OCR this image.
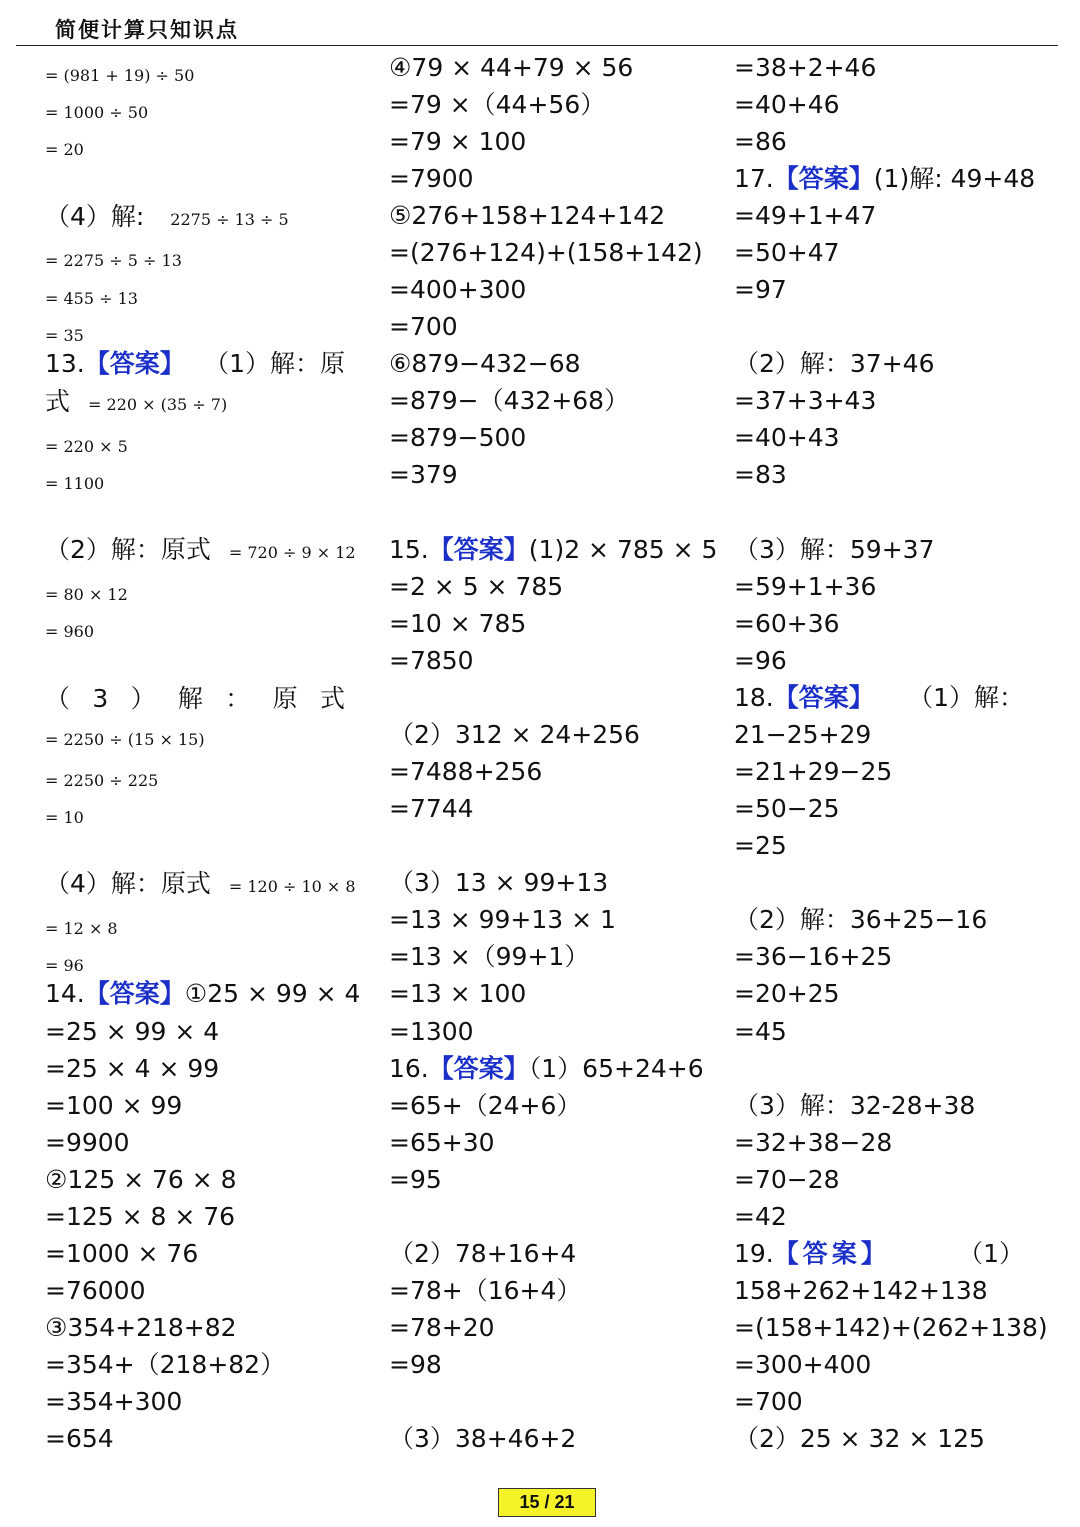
简便计算只知识点
= (981 + 19) ÷ 50
= 1000 ÷ 50
= 20
（4）解: 2275 ÷ 13 ÷ 5
= 2275 ÷ 5 ÷ 13
= 455 ÷ 13
= 35
13.【答案】 （1）解：原
式 = 220 × (35 ÷ 7)
= 220 × 5
= 1100
（2）解：原式 = 720 ÷ 9 × 12
= 80 × 12
= 960
（ 3 ） 解 ： 原 式
= 2250 ÷ (15 × 15)
= 2250 ÷ 225
= 10
（4）解：原式 = 120 ÷ 10 × 8
= 12 × 8
= 96
14.【答案】 ①25 × 99 × 4
=25 × 99 × 4
=25 × 4 × 99
=100 × 99
=9900
②125 × 76 × 8
=125 × 8 × 76
=1000 × 76
=76000
③354+218+82
=354+（218+82）
=354+300
=654
④79 × 44+79 × 56
=79 ×（44+56）
=79 × 100
=7900
⑤276+158+124+142
=(276+124)+(158+142)
=400+300
=700
⑥879−432−68
=879−（432+68）
=879−500
=379
15.【答案】(1)2 × 785 × 5
=2 × 5 × 785
=10 × 785
=7850
（2）312 × 24+256
=7488+256
=7744
（3）13 × 99+13
=13 × 99+13 × 1
=13 ×（99+1）
=13 × 100
=1300
16.【答案】（1）65+24+6
=65+（24+6）
=65+30
=95
（2）78+16+4
=78+（16+4）
=78+20
=98
（3）38+46+2
=38+2+46
=40+46
=86
17.【答案】(1)解: 49+48
=49+1+47
=50+47
=97
（2）解：37+46
=37+3+43
=40+43
=83
（3）解：59+37
=59+1+36
=60+36
=96
18.【答案】 （1）解：
21−25+29
=21+29−25
=50−25
=25
（2）解：36+25−16
=36−16+25
=20+25
=45
（3）解：32-28+38
=32+38−28
=70−28
=42
19.【答案】	（1）
158+262+142+138
=(158+142)+(262+138)
=300+400
=700
（2）25 × 32 × 125
15 / 21
